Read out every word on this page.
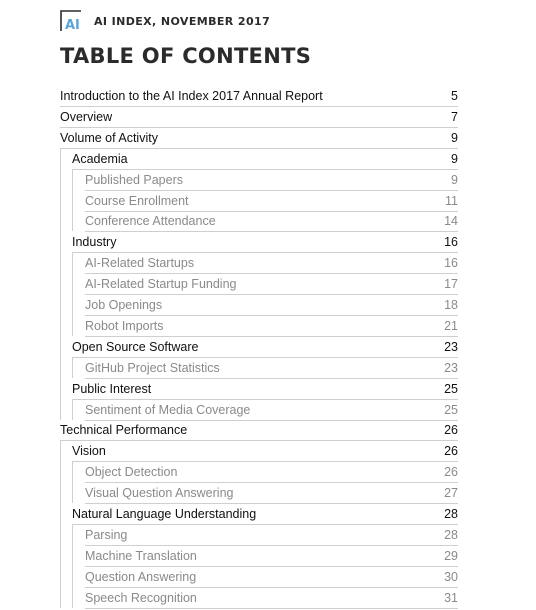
AI AI INDEX, NOVEMBER 2017
TABLE OF CONTENTS
Introduction to the AI Index 2017 Annual Report	5
Overview	7
Volume of Activity	9
Academia	9
Published Papers	9
Course Enrollment	11
Conference Attendance	14
Industry	16
AI-Related Startups	16
AI-Related Startup Funding	17
Job Openings	18
Robot Imports	21
Open Source Software	23
GitHub Project Statistics	23
Public Interest	25
Sentiment of Media Coverage	25
Technical Performance	26
Vision	26
Object Detection	26
Visual Question Answering	27
Natural Language Understanding	28
Parsing	28
Machine Translation	29
Question Answering	30
Speech Recognition	31
